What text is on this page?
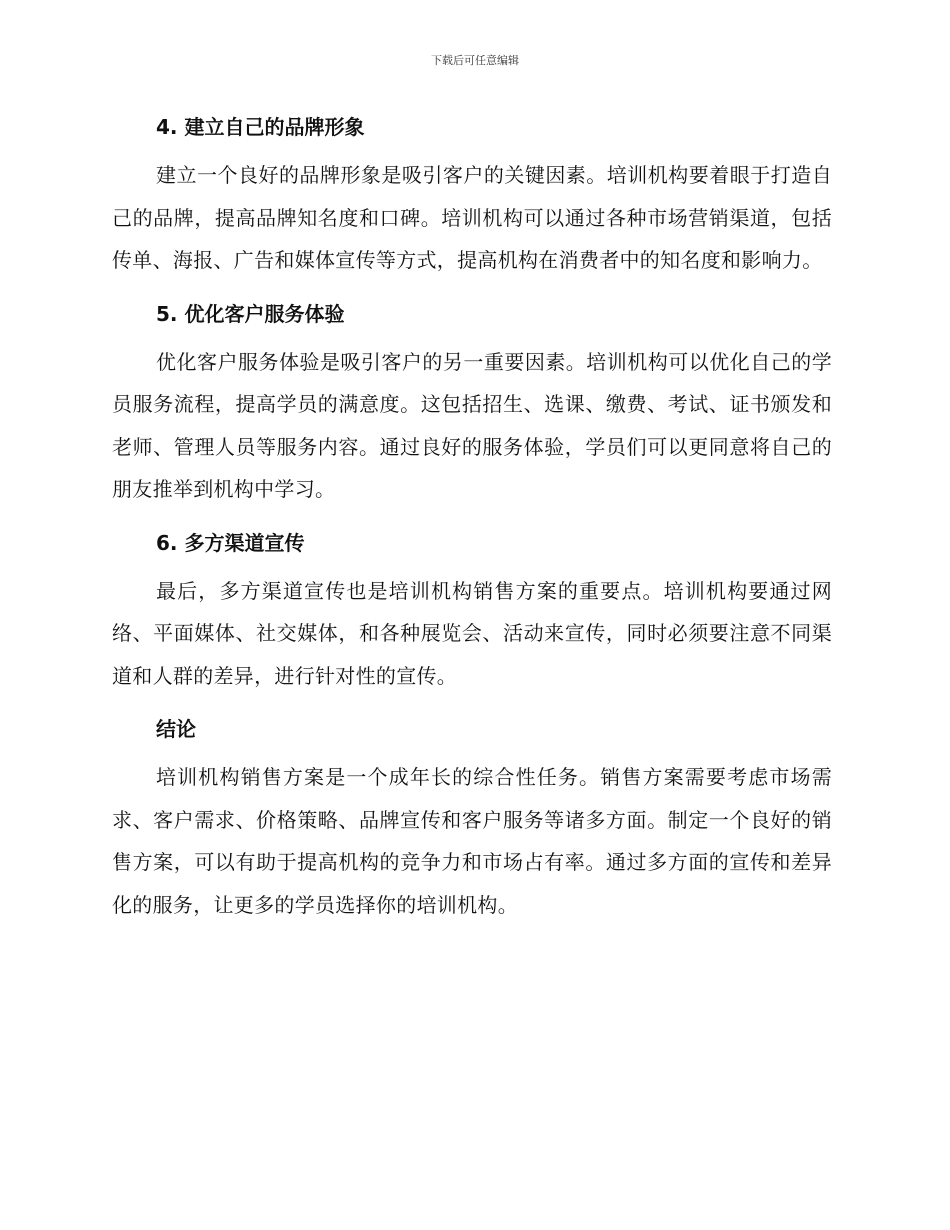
下载后可任意编辑
4. 建立自己的品牌形象

建立一个良好的品牌形象是吸引客户的关键因素。培训机构要着眼于打造自己的品牌，提高品牌知名度和口碑。培训机构可以通过各种市场营销渠道，包括传单、海报、广告和媒体宣传等方式，提高机构在消费者中的知名度和影响力。

5. 优化客户服务体验

优化客户服务体验是吸引客户的另一重要因素。培训机构可以优化自己的学员服务流程，提高学员的满意度。这包括招生、选课、缴费、考试、证书颁发和老师、管理人员等服务内容。通过良好的服务体验，学员们可以更同意将自己的朋友推举到机构中学习。

6. 多方渠道宣传

最后，多方渠道宣传也是培训机构销售方案的重要点。培训机构要通过网络、平面媒体、社交媒体，和各种展览会、活动来宣传，同时必须要注意不同渠道和人群的差异，进行针对性的宣传。

结论

培训机构销售方案是一个成年长的综合性任务。销售方案需要考虑市场需求、客户需求、价格策略、品牌宣传和客户服务等诸多方面。制定一个良好的销售方案，可以有助于提高机构的竞争力和市场占有率。通过多方面的宣传和差异化的服务，让更多的学员选择你的培训机构。
